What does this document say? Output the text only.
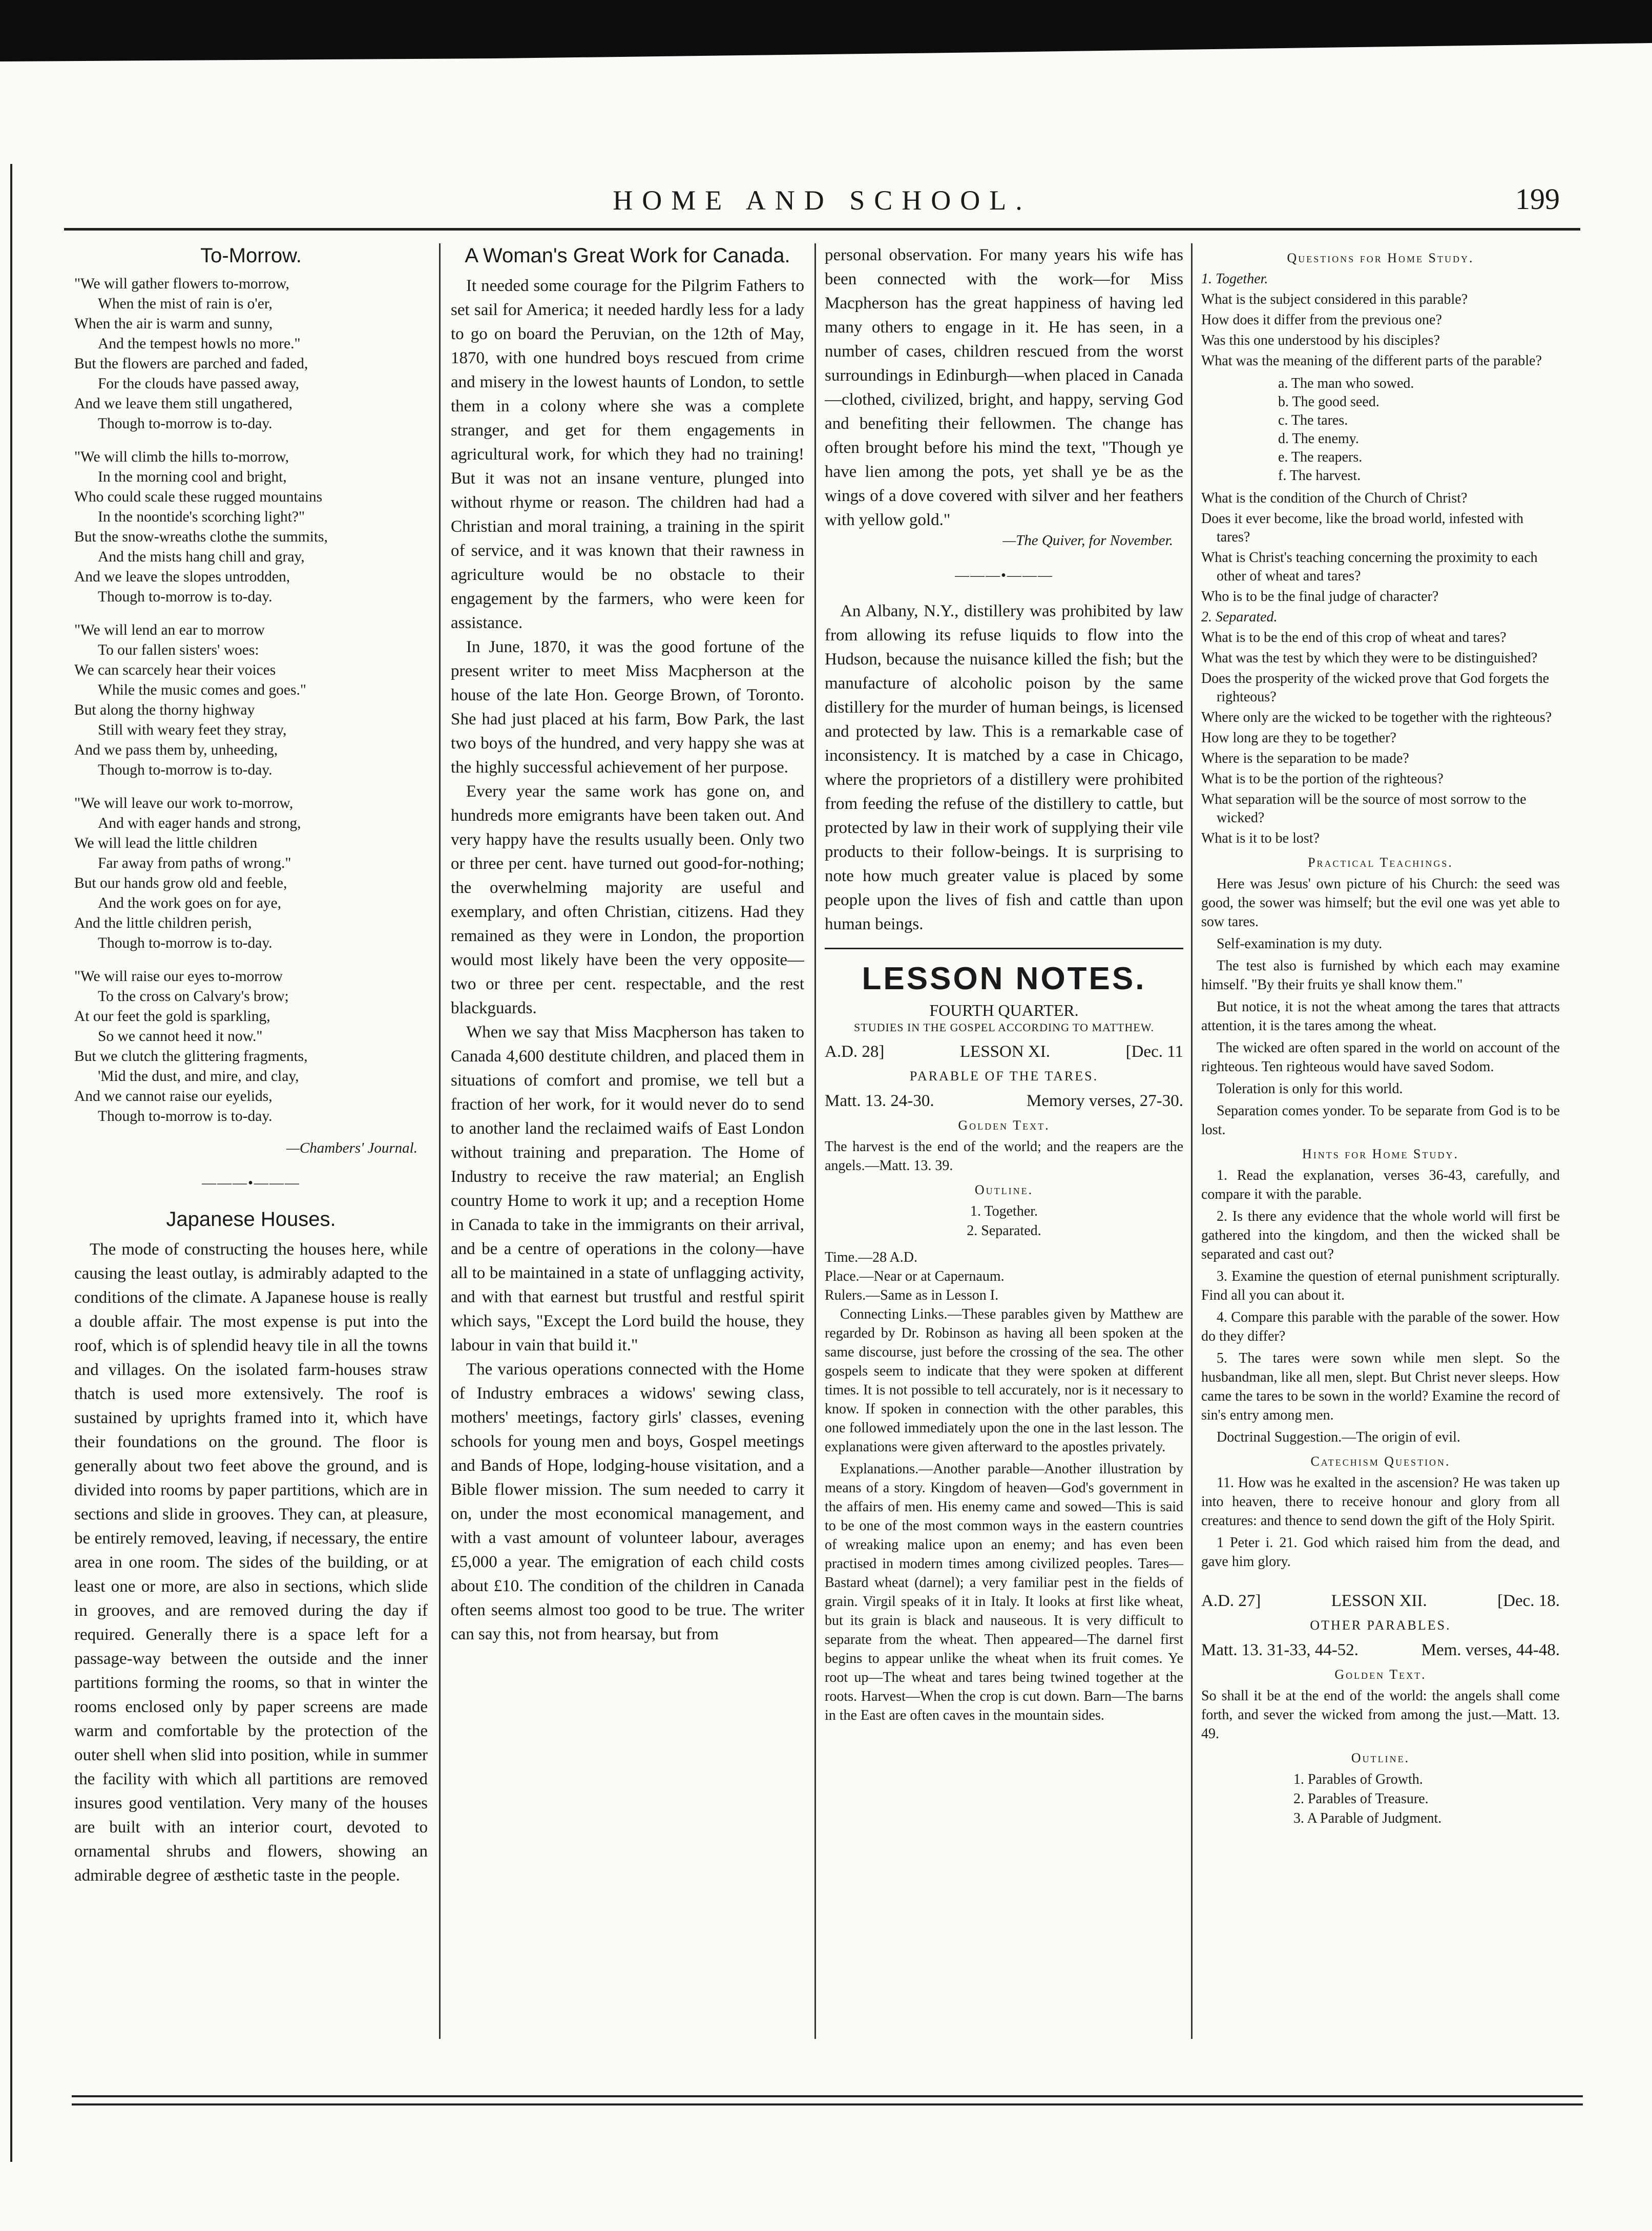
HOME AND SCHOOL.	199
To-Morrow.
"We will gather flowers to-morrow,
When the mist of rain is o'er,
When the air is warm and sunny,
And the tempest howls no more."
But the flowers are parched and faded,
For the clouds have passed away,
And we leave them still ungathered,
Though to-morrow is to-day.
"We will climb the hills to-morrow,
In the morning cool and bright,
Who could scale these rugged mountains
In the noontide's scorching light?"
But the snow-wreaths clothe the summits,
And the mists hang chill and gray,
And we leave the slopes untrodden,
Though to-morrow is to-day.
"We will lend an ear to morrow
To our fallen sisters' woes:
We can scarcely hear their voices
While the music comes and goes."
But along the thorny highway
Still with weary feet they stray,
And we pass them by, unheeding,
Though to-morrow is to-day.
"We will leave our work to-morrow,
And with eager hands and strong,
We will lead the little children
Far away from paths of wrong."
But our hands grow old and feeble,
And the work goes on for aye,
And the little children perish,
Though to-morrow is to-day.
"We will raise our eyes to-morrow
To the cross on Calvary's brow;
At our feet the gold is sparkling,
So we cannot heed it now."
But we clutch the glittering fragments,
'Mid the dust, and mire, and clay,
And we cannot raise our eyelids,
Though to-morrow is to-day.

—Chambers' Journal.

———•———
Japanese Houses.

The mode of constructing the houses here, while causing the least outlay, is admirably adapted to the conditions of the climate. A Japanese house is really a double affair. The most expense is put into the roof, which is of splendid heavy tile in all the towns and villages. On the isolated farm-houses straw thatch is used more extensively. The roof is sustained by uprights framed into it, which have their foundations on the ground. The floor is generally about two feet above the ground, and is divided into rooms by paper partitions, which are in sections and slide in grooves. They can, at pleasure, be entirely removed, leaving, if necessary, the entire area in one room. The sides of the building, or at least one or more, are also in sections, which slide in grooves, and are removed during the day if required. Generally there is a space left for a passage-way between the outside and the inner partitions forming the rooms, so that in winter the rooms enclosed only by paper screens are made warm and comfortable by the protection of the outer shell when slid into position, while in summer the facility with which all partitions are removed insures good ventilation. Very many of the houses are built with an interior court, devoted to ornamental shrubs and flowers, showing an admirable degree of æsthetic taste in the people.

A Woman's Great Work for Canada.

It needed some courage for the Pilgrim Fathers to set sail for America; it needed hardly less for a lady to go on board the Peruvian, on the 12th of May, 1870, with one hundred boys rescued from crime and misery in the lowest haunts of London, to settle them in a colony where she was a complete stranger, and get for them engagements in agricultural work, for which they had no training! But it was not an insane venture, plunged into without rhyme or reason. The children had had a Christian and moral training, a training in the spirit of service, and it was known that their rawness in agriculture would be no obstacle to their engagement by the farmers, who were keen for assistance.

In June, 1870, it was the good fortune of the present writer to meet Miss Macpherson at the house of the late Hon. George Brown, of Toronto. She had just placed at his farm, Bow Park, the last two boys of the hundred, and very happy she was at the highly successful achievement of her purpose.

Every year the same work has gone on, and hundreds more emigrants have been taken out. And very happy have the results usually been. Only two or three per cent. have turned out good-for-nothing; the overwhelming majority are useful and exemplary, and often Christian, citizens. Had they remained as they were in London, the proportion would most likely have been the very opposite—two or three per cent. respectable, and the rest blackguards.

When we say that Miss Macpherson has taken to Canada 4,600 destitute children, and placed them in situations of comfort and promise, we tell but a fraction of her work, for it would never do to send to another land the reclaimed waifs of East London without training and preparation. The Home of Industry to receive the raw material; an English country Home to work it up; and a reception Home in Canada to take in the immigrants on their arrival, and be a centre of operations in the colony—have all to be maintained in a state of unflagging activity, and with that earnest but trustful and restful spirit which says, "Except the Lord build the house, they labour in vain that build it."

The various operations connected with the Home of Industry embraces a widows' sewing class, mothers' meetings, factory girls' classes, evening schools for young men and boys, Gospel meetings and Bands of Hope, lodging-house visitation, and a Bible flower mission. The sum needed to carry it on, under the most economical management, and with a vast amount of volunteer labour, averages £5,000 a year. The emigration of each child costs about £10. The condition of the children in Canada often seems almost too good to be true. The writer can say this, not from hearsay, but from

personal observation. For many years his wife has been connected with the work—for Miss Macpherson has the great happiness of having led many others to engage in it. He has seen, in a number of cases, children rescued from the worst surroundings in Edinburgh—when placed in Canada—clothed, civilized, bright, and happy, serving God and benefiting their fellowmen. The change has often brought before his mind the text, "Though ye have lien among the pots, yet shall ye be as the wings of a dove covered with silver and her feathers with yellow gold."

—The Quiver, for November.

———•———

An Albany, N.Y., distillery was prohibited by law from allowing its refuse liquids to flow into the Hudson, because the nuisance killed the fish; but the manufacture of alcoholic poison by the same distillery for the murder of human beings, is licensed and protected by law. This is a remarkable case of inconsistency. It is matched by a case in Chicago, where the proprietors of a distillery were prohibited from feeding the refuse of the distillery to cattle, but protected by law in their work of supplying their vile products to their follow-beings. It is surprising to note how much greater value is placed by some people upon the lives of fish and cattle than upon human beings.

LESSON NOTES.
FOURTH QUARTER.
STUDIES IN THE GOSPEL ACCORDING TO MATTHEW.
A.D. 28]	LESSON XI.	[Dec. 11
PARABLE OF THE TARES.
Matt. 13. 24-30.	Memory verses, 27-30.
Golden Text.

The harvest is the end of the world; and the reapers are the angels.—Matt. 13. 39.

Outline.
1. Together.
2. Separated.

Time.—28 A.D.

Place.—Near or at Capernaum.

Rulers.—Same as in Lesson I.

Connecting Links.—These parables given by Matthew are regarded by Dr. Robinson as having all been spoken at the same discourse, just before the crossing of the sea. The other gospels seem to indicate that they were spoken at different times. It is not possible to tell accurately, nor is it necessary to know. If spoken in connection with the other parables, this one followed immediately upon the one in the last lesson. The explanations were given afterward to the apostles privately.

Explanations.—Another parable—Another illustration by means of a story. Kingdom of heaven—God's government in the affairs of men. His enemy came and sowed—This is said to be one of the most common ways in the eastern countries of wreaking malice upon an enemy; and has even been practised in modern times among civilized peoples. Tares—Bastard wheat (darnel); a very familiar pest in the fields of grain. Virgil speaks of it in Italy. It looks at first like wheat, but its grain is black and nauseous. It is very difficult to separate from the wheat. Then appeared—The darnel first begins to appear unlike the wheat when its fruit comes. Ye root up—The wheat and tares being twined together at the roots. Harvest—When the crop is cut down. Barn—The barns in the East are often caves in the mountain sides.

Questions for Home Study.

1. Together.

What is the subject considered in this parable?

How does it differ from the previous one?

Was this one understood by his disciples?

What was the meaning of the different parts of the parable?

a. The man who sowed.

b. The good seed.

c. The tares.

d. The enemy.

e. The reapers.

f. The harvest.

What is the condition of the Church of Christ?

Does it ever become, like the broad world, infested with tares?

What is Christ's teaching concerning the proximity to each other of wheat and tares?

Who is to be the final judge of character?

2. Separated.

What is to be the end of this crop of wheat and tares?

What was the test by which they were to be distinguished?

Does the prosperity of the wicked prove that God forgets the righteous?

Where only are the wicked to be together with the righteous?

How long are they to be together?

Where is the separation to be made?

What is to be the portion of the righteous?

What separation will be the source of most sorrow to the wicked?

What is it to be lost?

Practical Teachings.

Here was Jesus' own picture of his Church: the seed was good, the sower was himself; but the evil one was yet able to sow tares.

Self-examination is my duty.

The test also is furnished by which each may examine himself. "By their fruits ye shall know them."

But notice, it is not the wheat among the tares that attracts attention, it is the tares among the wheat.

The wicked are often spared in the world on account of the righteous. Ten righteous would have saved Sodom.

Toleration is only for this world.

Separation comes yonder. To be separate from God is to be lost.

Hints for Home Study.

1. Read the explanation, verses 36-43, carefully, and compare it with the parable.

2. Is there any evidence that the whole world will first be gathered into the kingdom, and then the wicked shall be separated and cast out?

3. Examine the question of eternal punishment scripturally. Find all you can about it.

4. Compare this parable with the parable of the sower. How do they differ?

5. The tares were sown while men slept. So the husbandman, like all men, slept. But Christ never sleeps. How came the tares to be sown in the world? Examine the record of sin's entry among men.

Doctrinal Suggestion.—The origin of evil.

Catechism Question.

11. How was he exalted in the ascension? He was taken up into heaven, there to receive honour and glory from all creatures: and thence to send down the gift of the Holy Spirit.

1 Peter i. 21. God which raised him from the dead, and gave him glory.

A.D. 27]	LESSON XII.	[Dec. 18.
OTHER PARABLES.
Matt. 13. 31-33, 44-52.	Mem. verses, 44-48.
Golden Text.

So shall it be at the end of the world: the angels shall come forth, and sever the wicked from among the just.—Matt. 13. 49.

Outline.
1. Parables of Growth.
2. Parables of Treasure.
3. A Parable of Judgment.
